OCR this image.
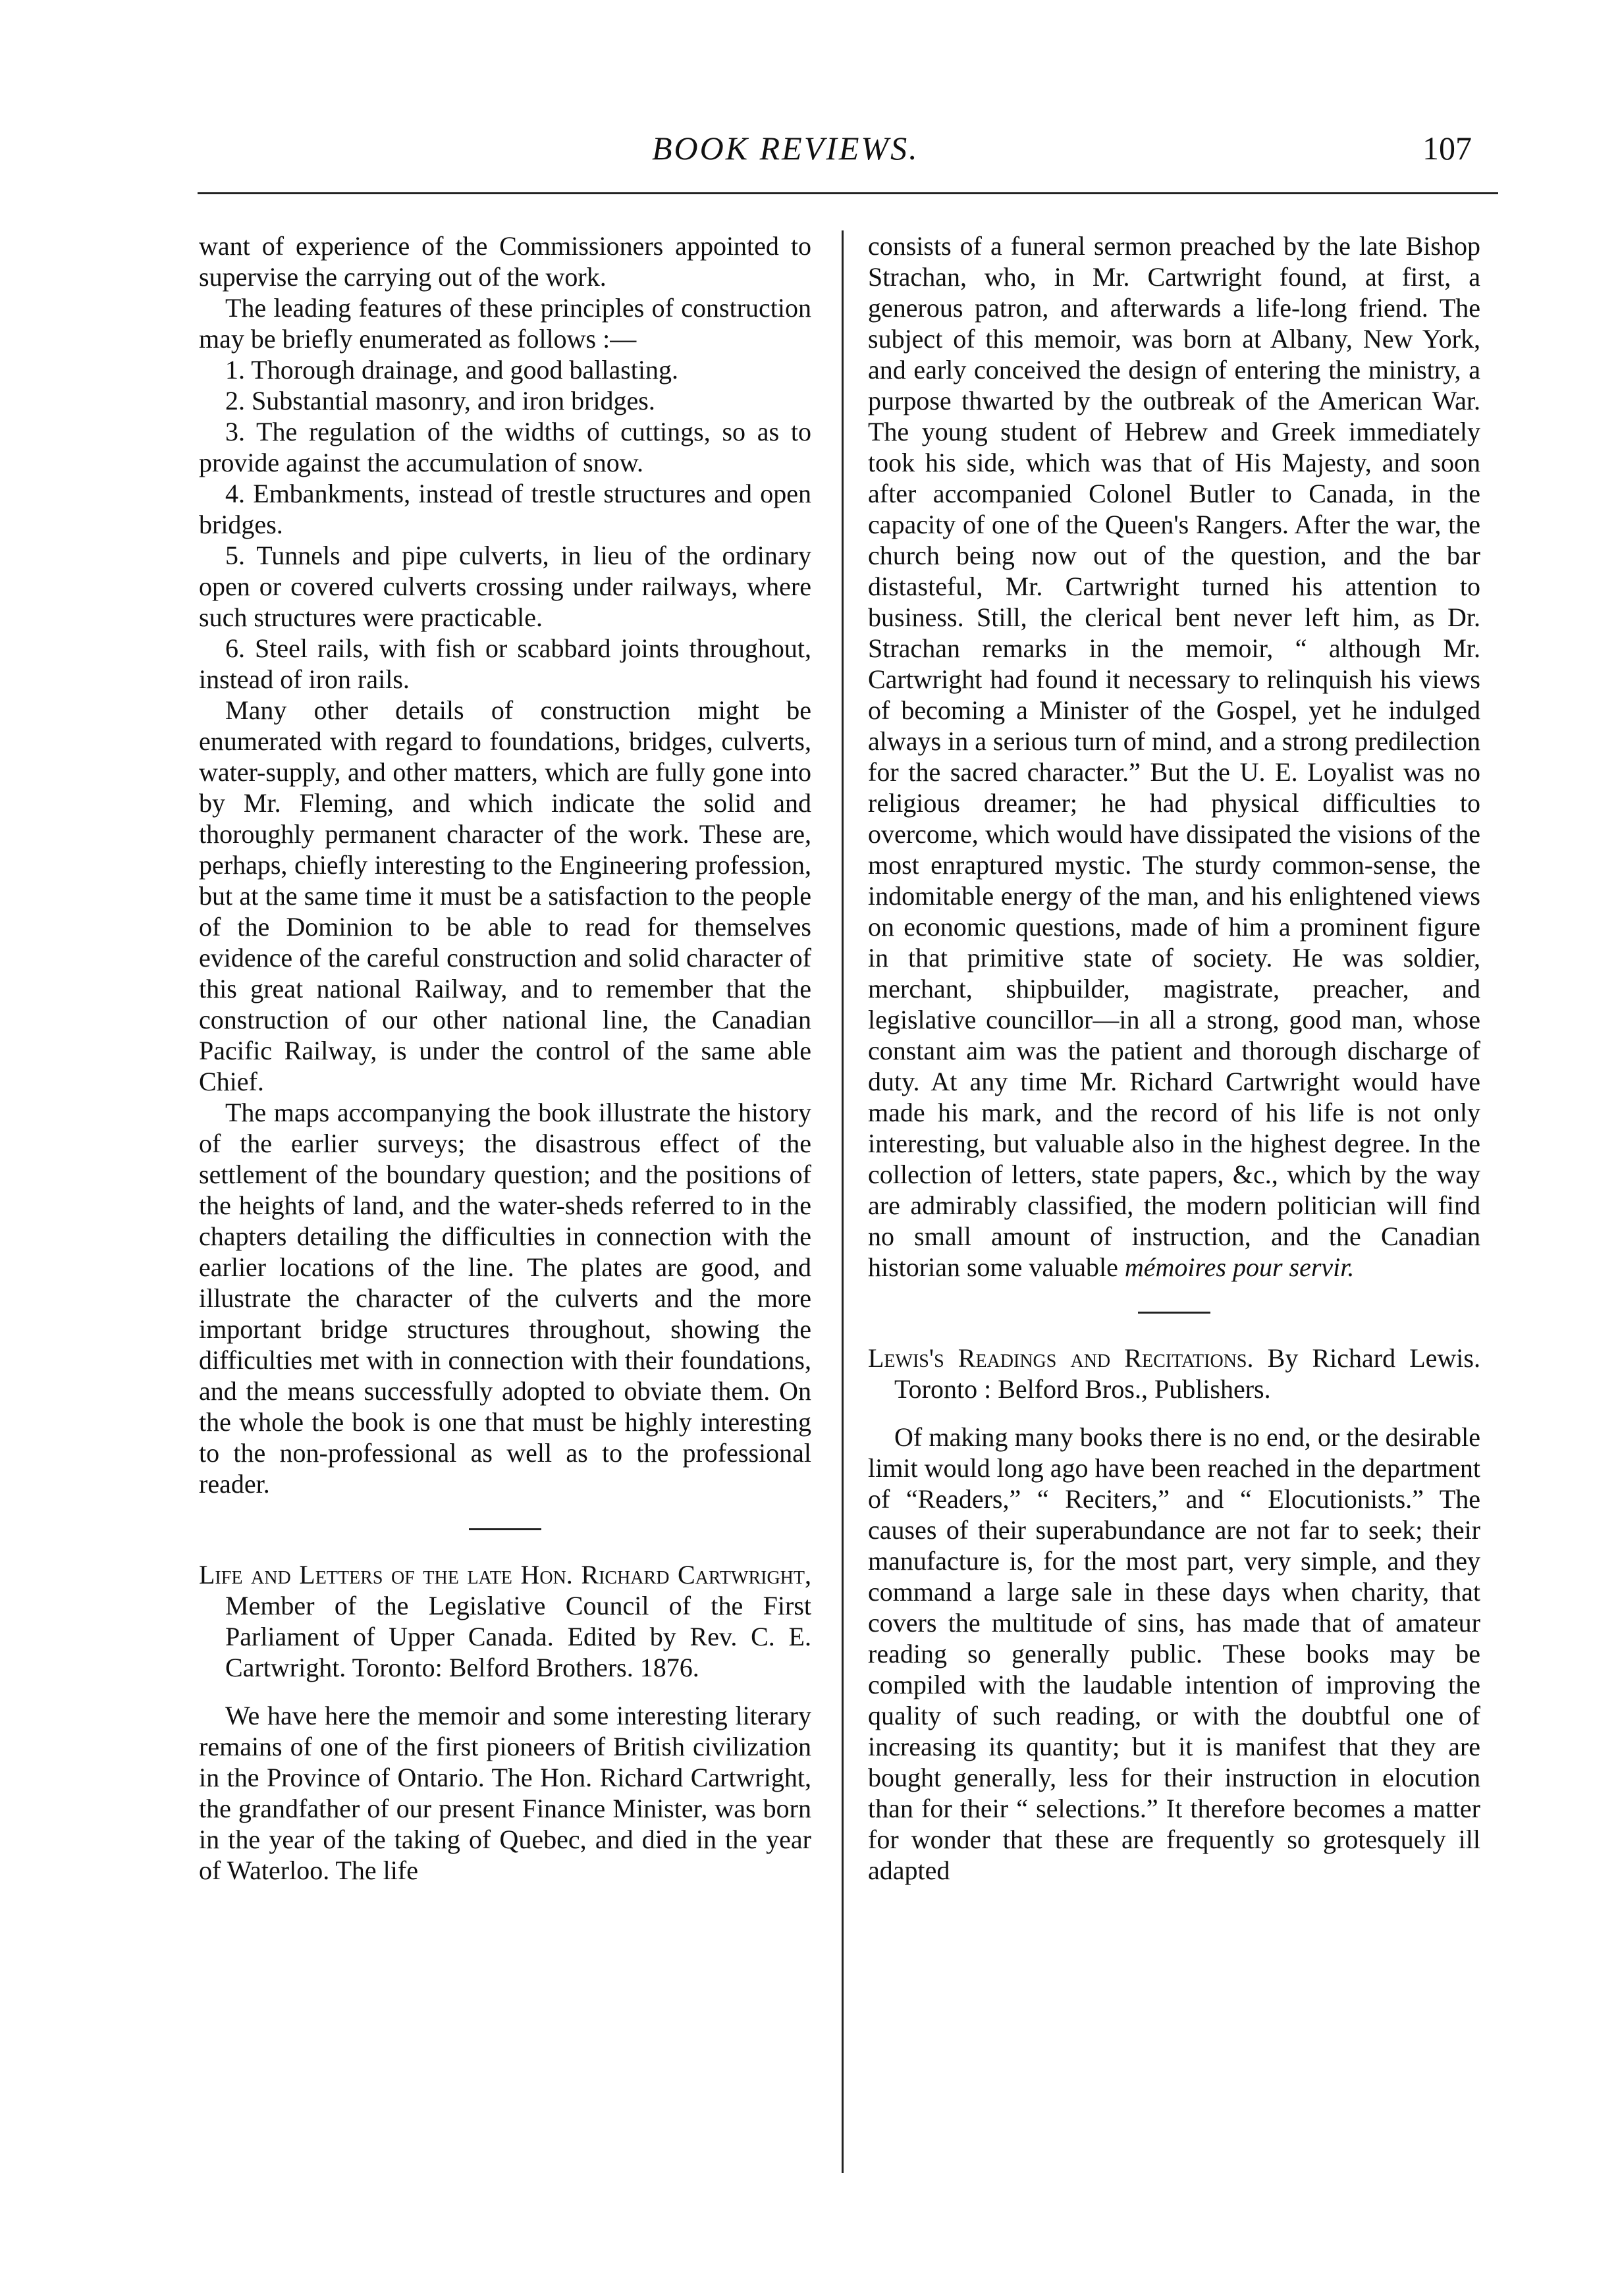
BOOK REVIEWS.	107

want of experience of the Commissioners appointed to supervise the carrying out of the work.

The leading features of these principles of construction may be briefly enumerated as follows :—

1. Thorough drainage, and good ballasting.

2. Substantial masonry, and iron bridges.

3. The regulation of the widths of cuttings, so as to provide against the accumulation of snow.

4. Embankments, instead of trestle structures and open bridges.

5. Tunnels and pipe culverts, in lieu of the ordinary open or covered culverts crossing under railways, where such structures were practicable.

6. Steel rails, with fish or scabbard joints throughout, instead of iron rails.

Many other details of construction might be enumerated with regard to foundations, bridges, culverts, water-supply, and other matters, which are fully gone into by Mr. Fleming, and which indicate the solid and thoroughly permanent character of the work. These are, perhaps, chiefly interesting to the Engineering profession, but at the same time it must be a satisfaction to the people of the Dominion to be able to read for themselves evidence of the careful construction and solid character of this great national Railway, and to remember that the construction of our other national line, the Canadian Pacific Railway, is under the control of the same able Chief.

The maps accompanying the book illustrate the history of the earlier surveys; the disastrous effect of the settlement of the boundary question; and the positions of the heights of land, and the water-sheds referred to in the chapters detailing the difficulties in connection with the earlier locations of the line. The plates are good, and illustrate the character of the culverts and the more important bridge structures throughout, showing the difficulties met with in connection with their foundations, and the means successfully adopted to obviate them. On the whole the book is one that must be highly interesting to the non-professional as well as to the professional reader.

Life and Letters of the late Hon. Richard Cartwright, Member of the Legislative Council of the First Parliament of Upper Canada. Edited by Rev. C. E. Cartwright. Toronto: Belford Brothers. 1876.

We have here the memoir and some interesting literary remains of one of the first pioneers of British civilization in the Province of Ontario. The Hon. Richard Cartwright, the grandfather of our present Finance Minister, was born in the year of the taking of Quebec, and died in the year of Waterloo. The life

consists of a funeral sermon preached by the late Bishop Strachan, who, in Mr. Cartwright found, at first, a generous patron, and afterwards a life-long friend. The subject of this memoir, was born at Albany, New York, and early conceived the design of entering the ministry, a purpose thwarted by the outbreak of the American War. The young student of Hebrew and Greek immediately took his side, which was that of His Majesty, and soon after accompanied Colonel Butler to Canada, in the capacity of one of the Queen's Rangers. After the war, the church being now out of the question, and the bar distasteful, Mr. Cartwright turned his attention to business. Still, the clerical bent never left him, as Dr. Strachan remarks in the memoir, “ although Mr. Cartwright had found it necessary to relinquish his views of becoming a Minister of the Gospel, yet he indulged always in a serious turn of mind, and a strong predilection for the sacred character.” But the U. E. Loyalist was no religious dreamer; he had physical difficulties to overcome, which would have dissipated the visions of the most enraptured mystic. The sturdy common-sense, the indomitable energy of the man, and his enlightened views on economic questions, made of him a prominent figure in that primitive state of society. He was soldier, merchant, shipbuilder, magistrate, preacher, and legislative councillor—in all a strong, good man, whose constant aim was the patient and thorough discharge of duty. At any time Mr. Richard Cartwright would have made his mark, and the record of his life is not only interesting, but valuable also in the highest degree. In the collection of letters, state papers, &c., which by the way are admirably classified, the modern politician will find no small amount of instruction, and the Canadian historian some valuable mémoires pour servir.

Lewis's Readings and Recitations. By Richard Lewis. Toronto : Belford Bros., Publishers.

Of making many books there is no end, or the desirable limit would long ago have been reached in the department of “Readers,” “ Reciters,” and “ Elocutionists.” The causes of their superabundance are not far to seek; their manufacture is, for the most part, very simple, and they command a large sale in these days when charity, that covers the multitude of sins, has made that of amateur reading so generally public. These books may be compiled with the laudable intention of improving the quality of such reading, or with the doubtful one of increasing its quantity; but it is manifest that they are bought generally, less for their instruction in elocution than for their “ selections.” It therefore becomes a matter for wonder that these are frequently so grotesquely ill adapted
